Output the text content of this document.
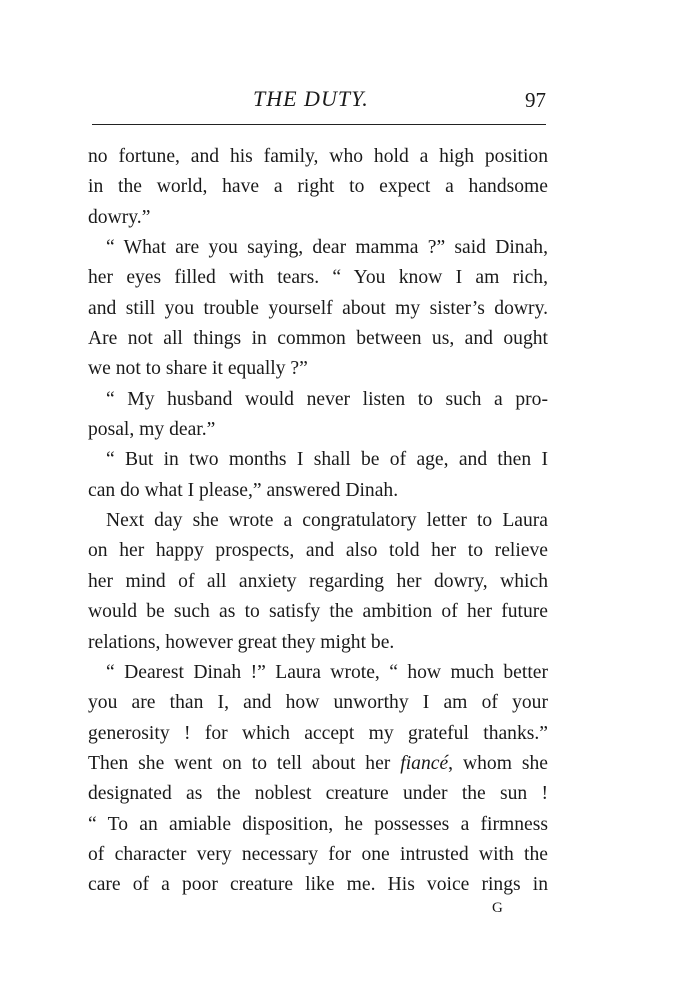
THE DUTY.	97
no fortune, and his family, who hold a high position
in the world, have a right to expect a handsome
dowry.”
“ What are you saying, dear mamma ?” said Dinah,
her eyes filled with tears. “ You know I am rich,
and still you trouble yourself about my sister’s dowry.
Are not all things in common between us, and ought
we not to share it equally ?”
“ My husband would never listen to such a pro-
posal, my dear.”
“ But in two months I shall be of age, and then I
can do what I please,” answered Dinah.
Next day she wrote a congratulatory letter to Laura
on her happy prospects, and also told her to relieve
her mind of all anxiety regarding her dowry, which
would be such as to satisfy the ambition of her future
relations, however great they might be.
“ Dearest Dinah !” Laura wrote, “ how much better
you are than I, and how unworthy I am of your
generosity ! for which accept my grateful thanks.”
Then she went on to tell about her fiancé, whom she
designated as the noblest creature under the sun !
“ To an amiable disposition, he possesses a firmness
of character very necessary for one intrusted with the
care of a poor creature like me. His voice rings in
G
